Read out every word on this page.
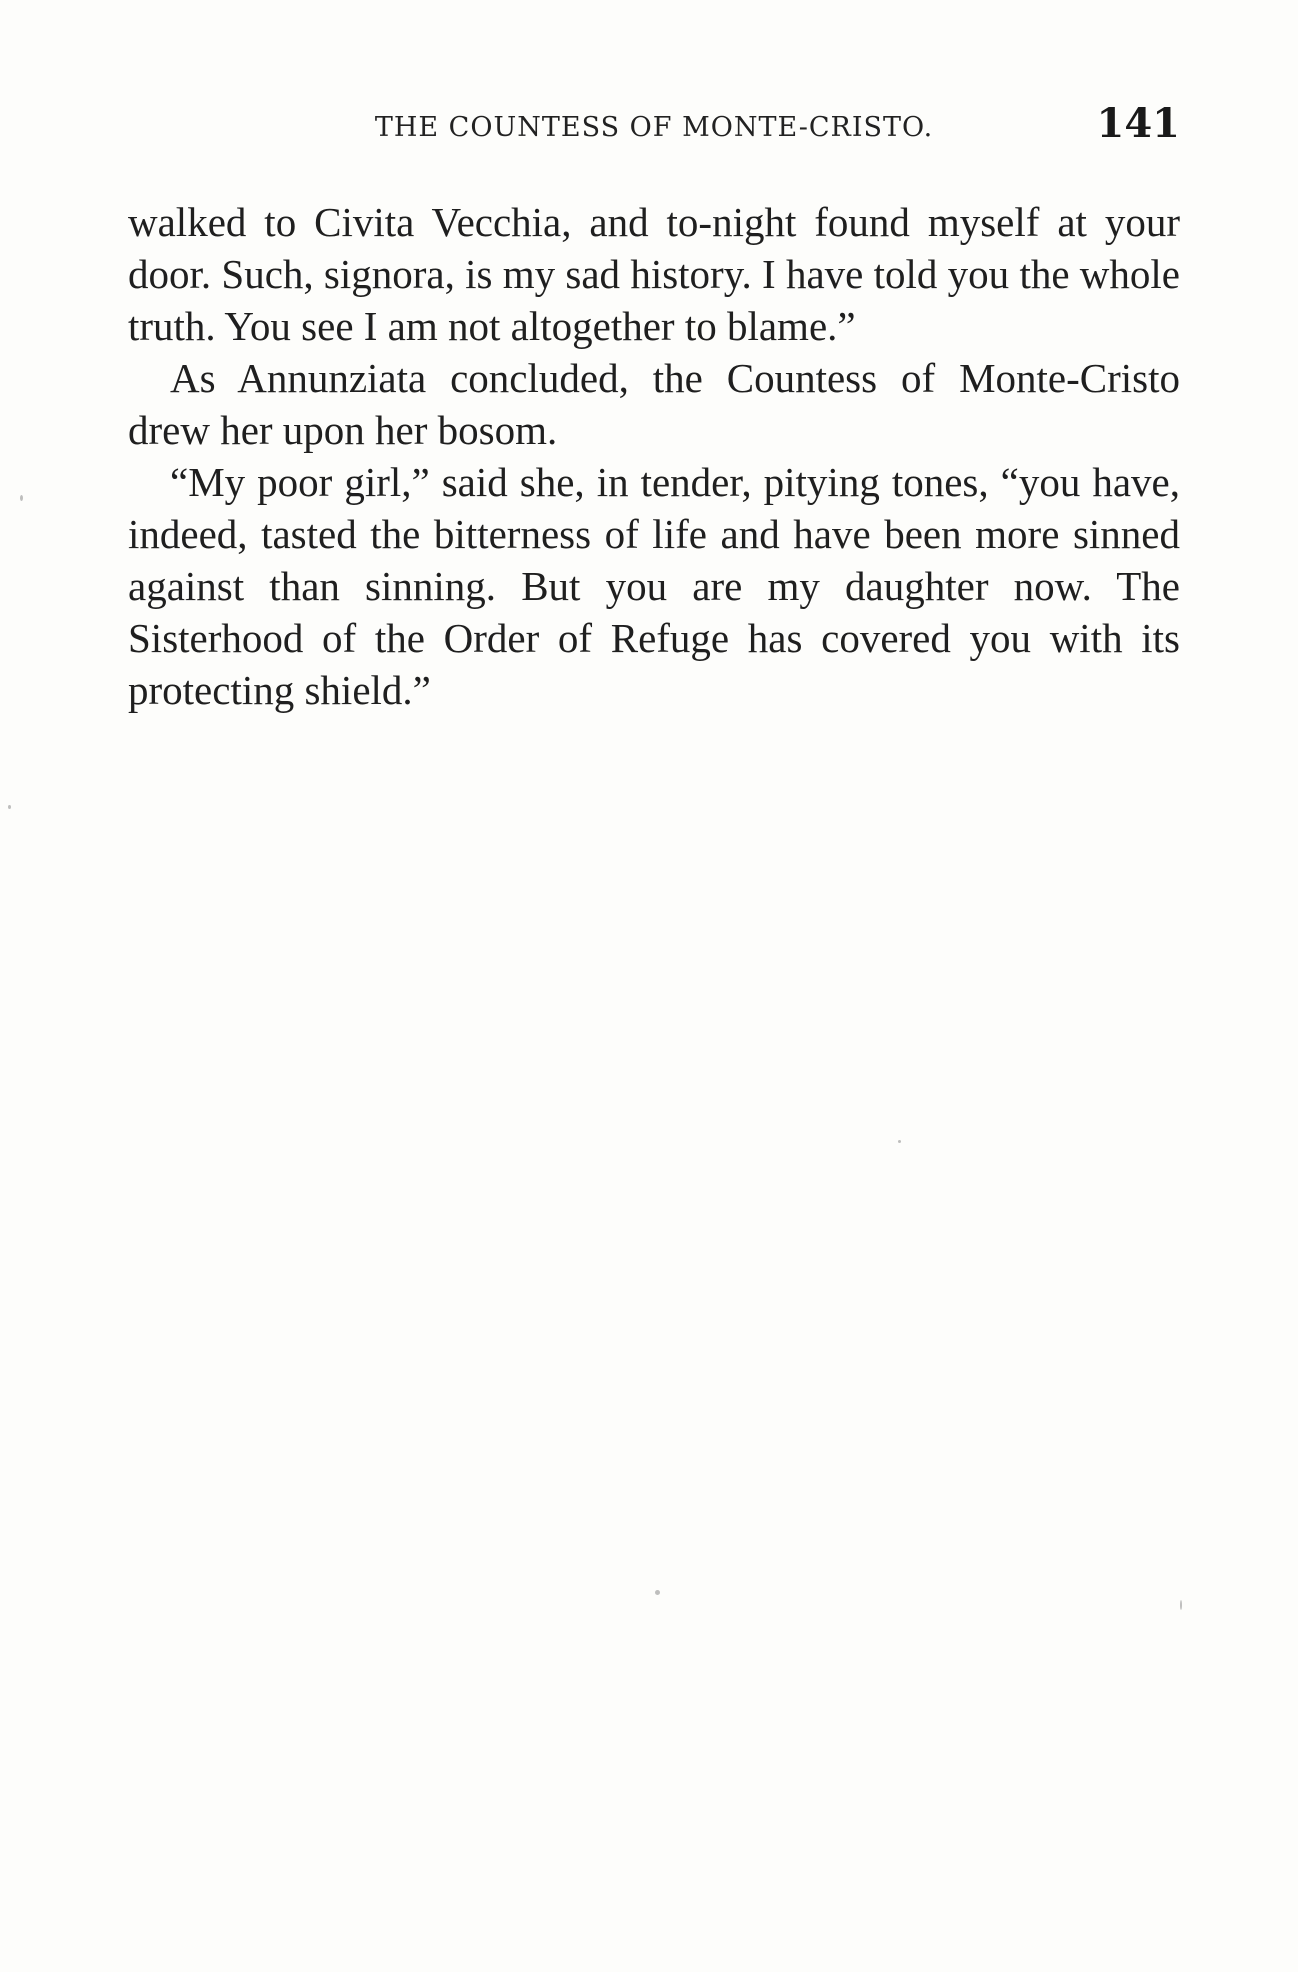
THE COUNTESS OF MONTE-CRISTO.	141

walked to Civita Vecchia, and to-night found myself at your door. Such, signora, is my sad history. I have told you the whole truth. You see I am not altogether to blame.”

As Annunziata concluded, the Countess of Monte-Cristo drew her upon her bosom.

“My poor girl,” said she, in tender, pitying tones, “you have, indeed, tasted the bitterness of life and have been more sinned against than sinning. But you are my daughter now. The Sisterhood of the Order of Refuge has covered you with its protecting shield.”
